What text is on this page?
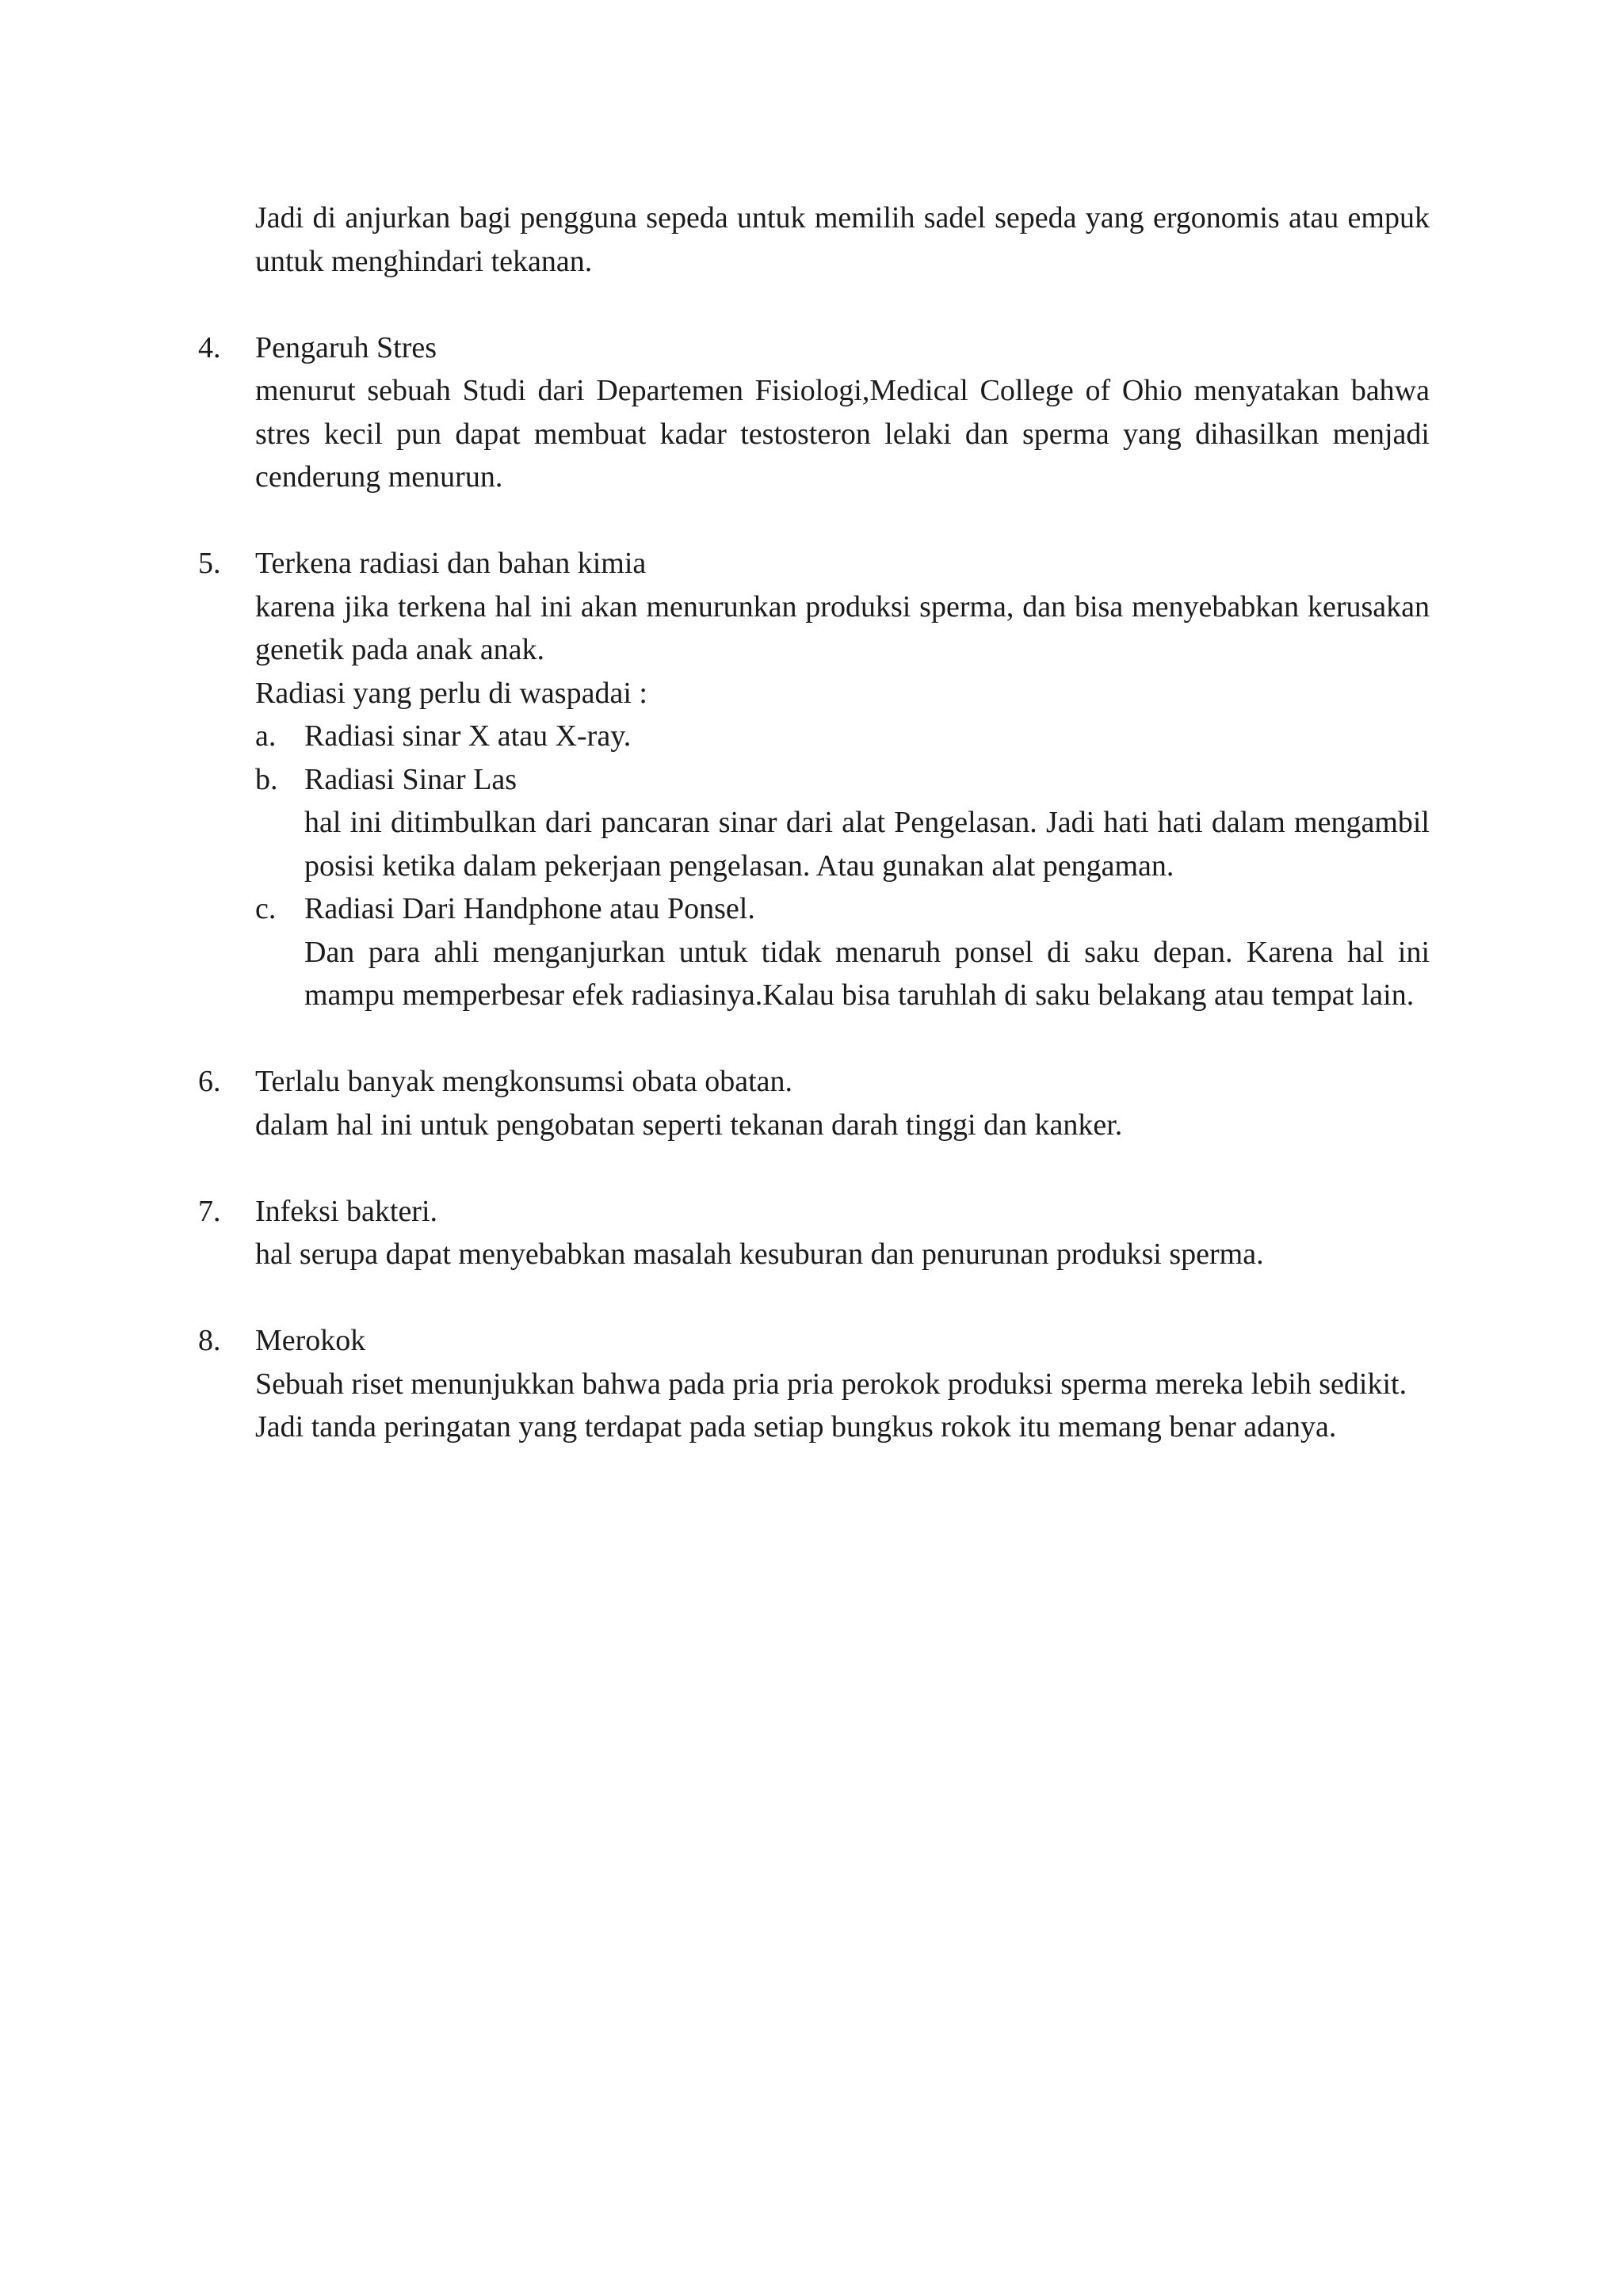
Jadi di anjurkan bagi pengguna sepeda untuk memilih sadel sepeda yang ergonomis atau empuk untuk menghindari tekanan.

4. Pengaruh Stres

menurut sebuah Studi dari Departemen Fisiologi,Medical College of Ohio menyatakan bahwa stres kecil pun dapat membuat kadar testosteron lelaki dan sperma yang dihasilkan menjadi cenderung menurun.

5. Terkena radiasi dan bahan kimia

karena jika terkena hal ini akan menurunkan produksi sperma, dan bisa menyebabkan kerusakan genetik pada anak anak.

Radiasi yang perlu di waspadai :

a. Radiasi sinar X atau X-ray.

b. Radiasi Sinar Las

hal ini ditimbulkan dari pancaran sinar dari alat Pengelasan. Jadi hati hati dalam mengambil posisi ketika dalam pekerjaan pengelasan. Atau gunakan alat pengaman.

c. Radiasi Dari Handphone atau Ponsel.

Dan para ahli menganjurkan untuk tidak menaruh ponsel di saku depan. Karena hal ini mampu memperbesar efek radiasinya.Kalau bisa taruhlah di saku belakang atau tempat lain.

6. Terlalu banyak mengkonsumsi obata obatan.

dalam hal ini untuk pengobatan seperti tekanan darah tinggi dan kanker.

7. Infeksi bakteri.

hal serupa dapat menyebabkan masalah kesuburan dan penurunan produksi sperma.

8. Merokok

Sebuah riset menunjukkan bahwa pada pria pria perokok produksi sperma mereka lebih sedikit.

Jadi tanda peringatan yang terdapat pada setiap bungkus rokok itu memang benar adanya.
